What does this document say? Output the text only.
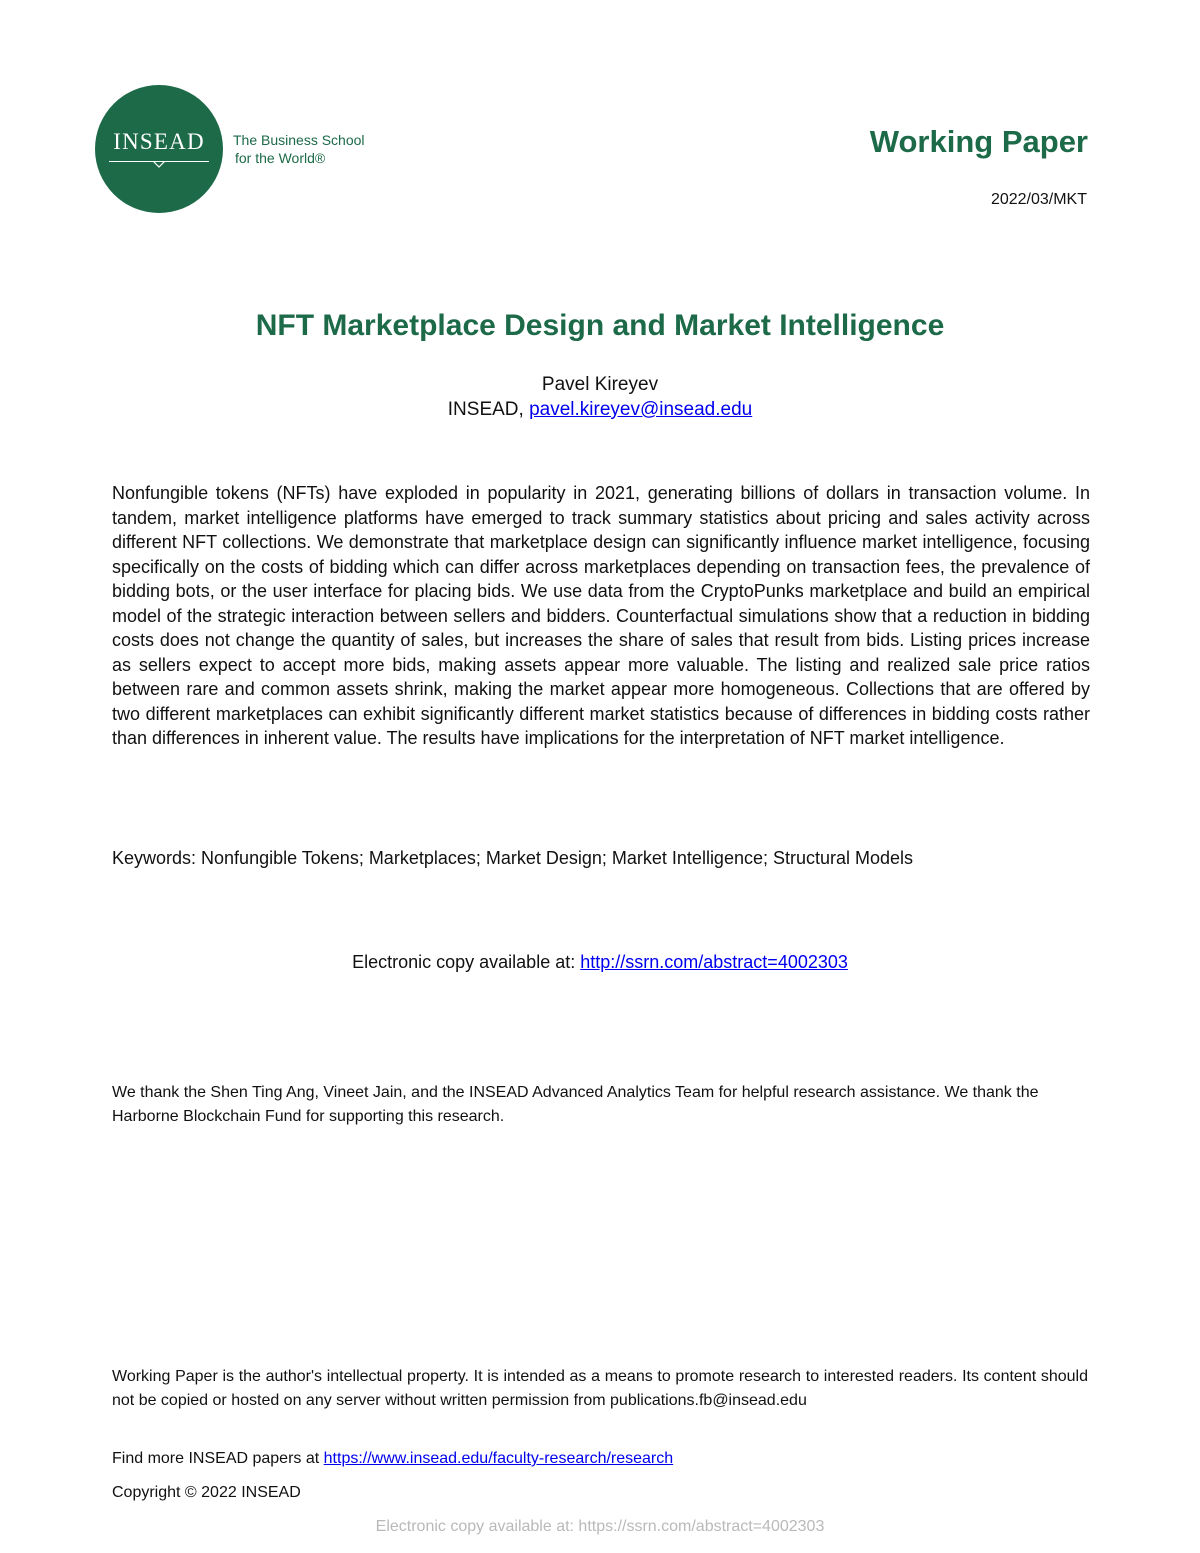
INSEAD	The Business School
for the World®	Working Paper
2022/03/MKT
NFT Marketplace Design and Market Intelligence
Pavel Kireyev
INSEAD, pavel.kireyev@insead.edu
Nonfungible tokens (NFTs) have exploded in popularity in 2021, generating billions of dollars in transaction volume. In tandem, market intelligence platforms have emerged to track summary statistics about pricing and sales activity across different NFT collections. We demonstrate that marketplace design can significantly influence market intelligence, focusing specifically on the costs of bidding which can differ across marketplaces depending on transaction fees, the prevalence of bidding bots, or the user interface for placing bids. We use data from the CryptoPunks marketplace and build an empirical model of the strategic interaction between sellers and bidders. Counterfactual simulations show that a reduction in bidding costs does not change the quantity of sales, but increases the share of sales that result from bids. Listing prices increase as sellers expect to accept more bids, making assets appear more valuable. The listing and realized sale price ratios between rare and common assets shrink, making the market appear more homogeneous. Collections that are offered by two different marketplaces can exhibit significantly different market statistics because of differences in bidding costs rather than differences in inherent value. The results have implications for the interpretation of NFT market intelligence.
Keywords: Nonfungible Tokens; Marketplaces; Market Design; Market Intelligence; Structural Models
Electronic copy available at: http://ssrn.com/abstract=4002303
We thank the Shen Ting Ang, Vineet Jain, and the INSEAD Advanced Analytics Team for helpful research assistance. We thank the Harborne Blockchain Fund for supporting this research.
Working Paper is the author's intellectual property. It is intended as a means to promote research to interested readers. Its content should not be copied or hosted on any server without written permission from publications.fb@insead.edu
Find more INSEAD papers at https://www.insead.edu/faculty-research/research
Copyright © 2022 INSEAD
Electronic copy available at: https://ssrn.com/abstract=4002303
